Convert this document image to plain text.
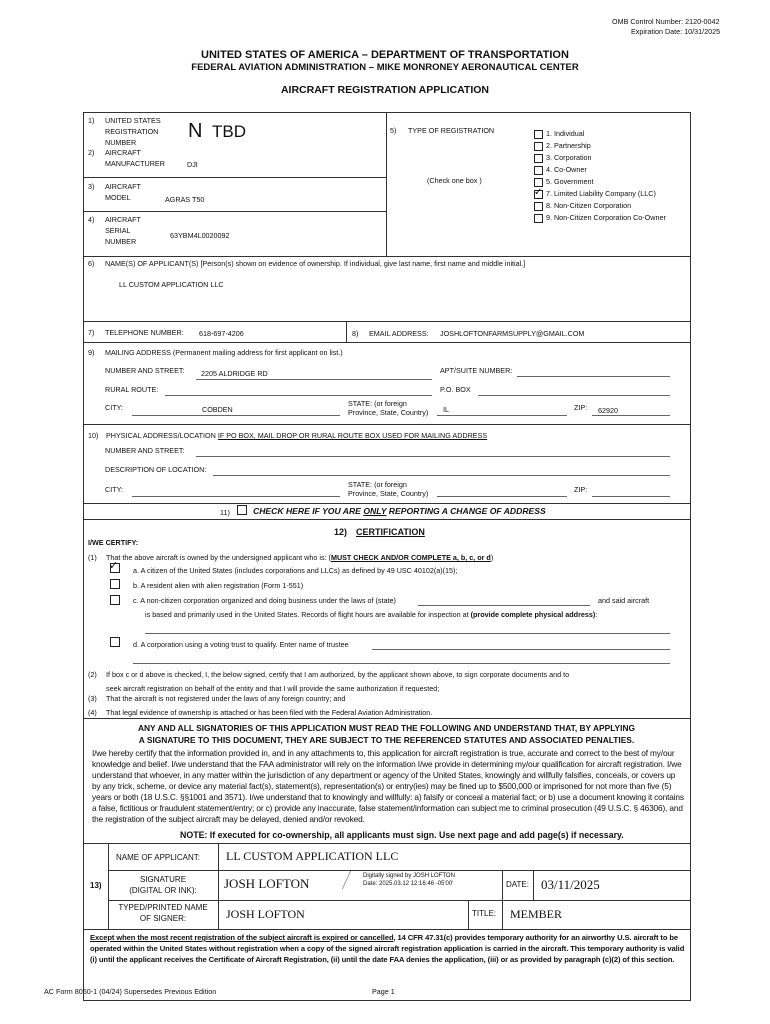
OMB Control Number: 2120-0042
Expiration Date: 10/31/2025
UNITED STATES OF AMERICA – DEPARTMENT OF TRANSPORTATION
FEDERAL AVIATION ADMINISTRATION – MIKE MONRONEY AERONAUTICAL CENTER
AIRCRAFT REGISTRATION APPLICATION
1) UNITED STATES
REGISTRATION
NUMBER
N TBD
2) AIRCRAFT
MANUFACTURER	DJI
3) AIRCRAFT
MODEL	AGRAS T50
4) AIRCRAFT
SERIAL
NUMBER
63YBM4L0020092
5) TYPE OF REGISTRATION
(Check one box )
1. Individual
2. Partnership
3. Corporation
4. Co-Owner
5. Government
✓ 7. Limited Liability Company (LLC)
8. Non-Citizen Corporation
9. Non-Citizen Corporation Co-Owner
6) NAME(S) OF APPLICANT(S) [Person(s) shown on evidence of ownership. If individual, give last name, first name and middle initial.]
LL CUSTOM APPLICATION LLC
7) TELEPHONE NUMBER: 618-697-4206	8) EMAIL ADDRESS: JOSHLOFTONFARMSUPPLY@GMAIL.COM
9) MAILING ADDRESS (Permanent mailing address for first applicant on list.)
NUMBER AND STREET: 2205 ALDRIDGE RD	APT/SUITE NUMBER:
RURAL ROUTE:	P.O. BOX
CITY:	COBDEN
STATE: (or foreign
Province, State, Country) IL	ZIP: 62920
10) PHYSICAL ADDRESS/LOCATION IF PO BOX, MAIL DROP OR RURAL ROUTE BOX USED FOR MAILING ADDRESS
NUMBER AND STREET:
DESCRIPTION OF LOCATION:
CITY:
STATE: (or foreign
Province, State, Country)	ZIP:
11)	CHECK HERE IF YOU ARE ONLY REPORTING A CHANGE OF ADDRESS
12) CERTIFICATION
I/WE CERTIFY:
(1) That the above aircraft is owned by the undersigned applicant who is: (MUST CHECK AND/OR COMPLETE a, b, c, or d)
✓ a. A citizen of the United States (includes corporations and LLCs) as defined by 49 USC 40102(a)(15);
b. A resident alien with alien registration (Form 1-551)
c. A non-citizen corporation organized and doing business under the laws of (state)	and said aircraft
is based and primarily used in the United States. Records of flight hours are available for inspection at (provide complete physical address):
d. A corporation using a voting trust to qualify. Enter name of trustee
(2) If box c or d above is checked, I, the below signed, certify that I am authorized, by the applicant shown above, to sign corporate documents and to
seek aircraft registration on behalf of the entity and that I will provide the same authorization if requested;
(3) That the aircraft is not registered under the laws of any foreign country; and
(4) That legal evidence of ownership is attached or has been filed with the Federal Aviation Administration.
ANY AND ALL SIGNATORIES OF THIS APPLICATION MUST READ THE FOLLOWING AND UNDERSTAND THAT, BY APPLYING
A SIGNATURE TO THIS DOCUMENT, THEY ARE SUBJECT TO THE REFERENCED STATUTES AND ASSOCIATED PENALTIES.
I/we hereby certify that the information provided in, and in any attachments to, this application for aircraft registration is true, accurate and correct to the best of my/our knowledge and belief. I/we understand that the FAA administrator will rely on the information I/we provide in determining my/our qualification for aircraft registration. I/we understand that whoever, in any matter within the jurisdiction of any department or agency of the United States, knowingly and willfully falsifies, conceals, or covers up by any trick, scheme, or device any material fact(s), statement(s), representation(s) or entry(ies) may be fined up to $500,000 or imprisoned for not more than five (5) years or both (18 U.S.C. §§1001 and 3571). I/we understand that to knowingly and willfully: a) falsify or conceal a material fact; or b) use a document knowing it contains a false, fictitious or fraudulent statement/entry; or c) provide any inaccurate, false statement/information can subject me to criminal prosecution (49 U.S.C. § 46306), and the registration of the subject aircraft may be delayed, denied and/or revoked.
NOTE: If executed for co-ownership, all applicants must sign. Use next page and add page(s) if necessary.
13)
NAME OF APPLICANT: LL CUSTOM APPLICATION LLC
SIGNATURE
(DIGITAL OR INK):	JOSH LOFTON	Digitally signed by JOSH LOFTON
Date: 2025.03.12 12:16:46 -05'00'	DATE: 03/11/2025
TYPED/PRINTED NAME
OF SIGNER:	JOSH LOFTON	TITLE: MEMBER
Except when the most recent registration of the subject aircraft is expired or cancelled, 14 CFR 47.31(c) provides temporary authority for an airworthy U.S. aircraft to be operated within the United States without registration when a copy of the signed aircraft registration application is carried in the aircraft. This temporary authority is valid (i) until the applicant receives the Certificate of Aircraft Registration, (ii) until the date FAA denies the application, (iii) or as provided by paragraph (c)(2) of this section.
AC Form 8050-1 (04/24) Supersedes Previous Edition	Page 1
